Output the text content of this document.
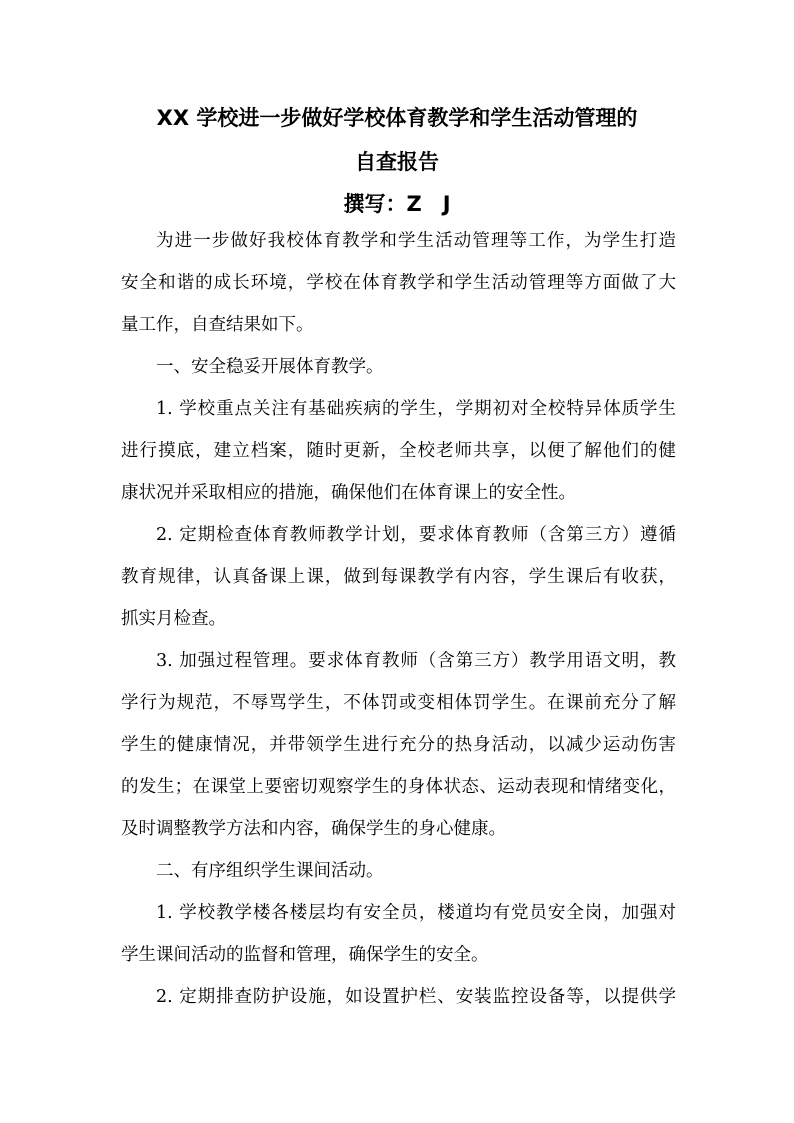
XX 学校进一步做好学校体育教学和学生活动管理的
自查报告
撰写：Z　J
为进一步做好我校体育教学和学生活动管理等工作，为学生打造
安全和谐的成长环境，学校在体育教学和学生活动管理等方面做了大
量工作，自查结果如下。
一、安全稳妥开展体育教学。
1. 学校重点关注有基础疾病的学生，学期初对全校特异体质学生
进行摸底，建立档案，随时更新，全校老师共享，以便了解他们的健
康状况并采取相应的措施，确保他们在体育课上的安全性。
2. 定期检查体育教师教学计划，要求体育教师（含第三方）遵循
教育规律，认真备课上课，做到每课教学有内容，学生课后有收获，
抓实月检查。
3. 加强过程管理。要求体育教师（含第三方）教学用语文明，教
学行为规范，不辱骂学生，不体罚或变相体罚学生。在课前充分了解
学生的健康情况，并带领学生进行充分的热身活动，以减少运动伤害
的发生；在课堂上要密切观察学生的身体状态、运动表现和情绪变化，
及时调整教学方法和内容，确保学生的身心健康。
二、有序组织学生课间活动。
1. 学校教学楼各楼层均有安全员，楼道均有党员安全岗，加强对
学生课间活动的监督和管理，确保学生的安全。
2. 定期排查防护设施，如设置护栏、安装监控设备等，以提供学
